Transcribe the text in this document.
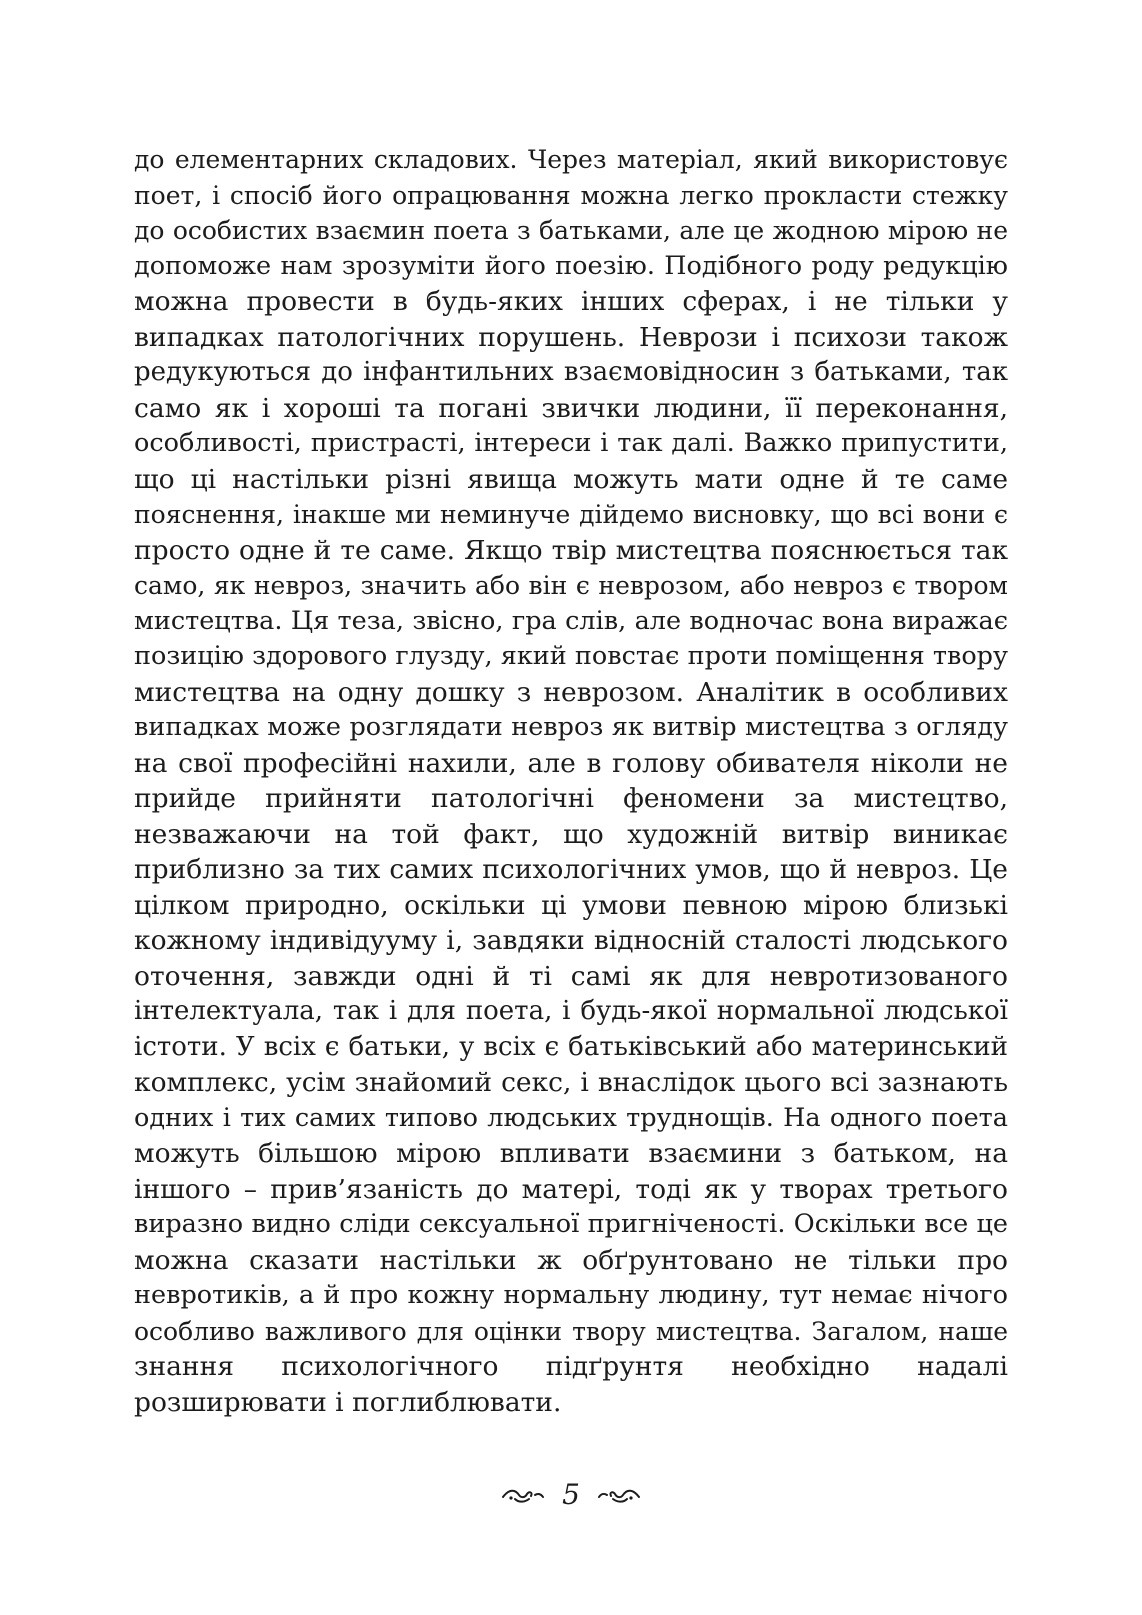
до елементарних складових. Через матеріал, який використовує
поет, і спосіб його опрацювання можна легко прокласти стежку
до особистих взаємин поета з батьками, але це жодною мірою не
допоможе нам зрозуміти його поезію. Подібного роду редукцію
можна провести в будь-яких інших сферах, і не тільки у
випадках патологічних порушень. Неврози і психози також
редукуються до інфантильних взаємовідносин з батьками, так
само як і хороші та погані звички людини, її переконання,
особливості, пристрасті, інтереси і так далі. Важко припустити,
що ці настільки різні явища можуть мати одне й те саме
пояснення, інакше ми неминуче дійдемо висновку, що всі вони є
просто одне й те саме. Якщо твір мистецтва пояснюється так
само, як невроз, значить або він є неврозом, або невроз є твором
мистецтва. Ця теза, звісно, гра слів, але водночас вона виражає
позицію здорового глузду, який повстає проти поміщення твору
мистецтва на одну дошку з неврозом. Аналітик в особливих
випадках може розглядати невроз як витвір мистецтва з огляду
на свої професійні нахили, але в голову обивателя ніколи не
прийде прийняти патологічні феномени за мистецтво,
незважаючи на той факт, що художній витвір виникає
приблизно за тих самих психологічних умов, що й невроз. Це
цілком природно, оскільки ці умови певною мірою близькі
кожному індивідууму і, завдяки відносній сталості людського
оточення, завжди одні й ті самі як для невротизованого
інтелектуала, так і для поета, і будь-якої нормальної людської
істоти. У всіх є батьки, у всіх є батьківський або материнський
комплекс, усім знайомий секс, і внаслідок цього всі зазнають
одних і тих самих типово людських труднощів. На одного поета
можуть більшою мірою впливати взаємини з батьком, на
іншого – прив’язаність до матері, тоді як у творах третього
виразно видно сліди сексуальної пригніченості. Оскільки все це
можна сказати настільки ж обґрунтовано не тільки про
невротиків, а й про кожну нормальну людину, тут немає нічого
особливо важливого для оцінки твору мистецтва. Загалом, наше
знання психологічного підґрунтя необхідно надалі
розширювати і поглиблювати.
5
